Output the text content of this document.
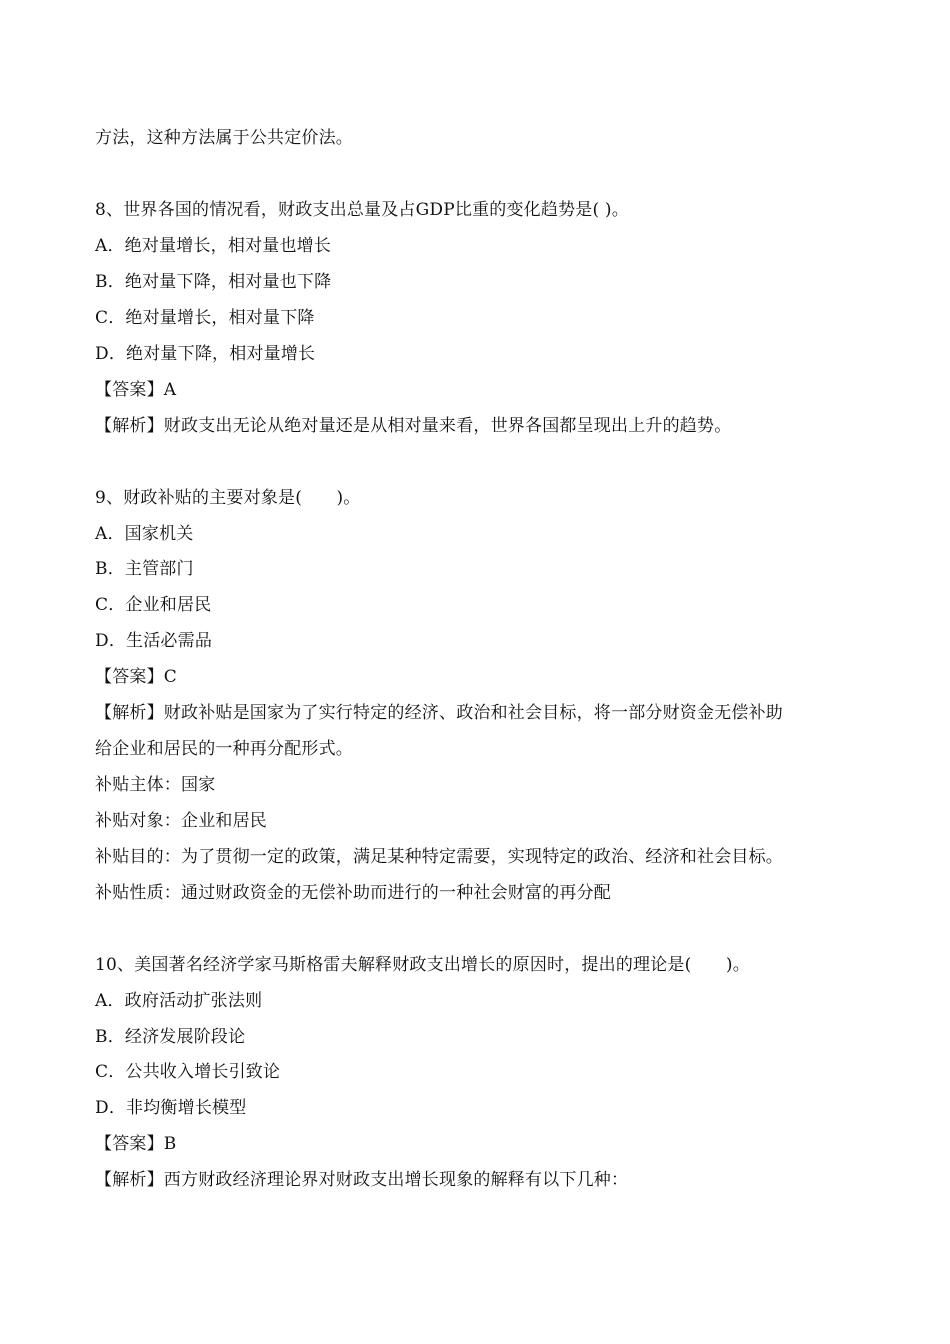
方法，这种方法属于公共定价法。
8、世界各国的情况看，财政支出总量及占GDP比重的变化趋势是( )。
A．绝对量增长，相对量也增长
B．绝对量下降，相对量也下降
C．绝对量增长，相对量下降
D．绝对量下降，相对量增长
【答案】A
【解析】财政支出无论从绝对量还是从相对量来看，世界各国都呈现出上升的趋势。
9、财政补贴的主要对象是(　　)。
A．国家机关
B．主管部门
C．企业和居民
D．生活必需品
【答案】C
【解析】财政补贴是国家为了实行特定的经济、政治和社会目标，将一部分财资金无偿补助
给企业和居民的一种再分配形式。
补贴主体：国家
补贴对象：企业和居民
补贴目的：为了贯彻一定的政策，满足某种特定需要，实现特定的政治、经济和社会目标。
补贴性质：通过财政资金的无偿补助而进行的一种社会财富的再分配
10、美国著名经济学家马斯格雷夫解释财政支出增长的原因时，提出的理论是(　　)。
A．政府活动扩张法则
B．经济发展阶段论
C．公共收入增长引致论
D．非均衡增长模型
【答案】B
【解析】西方财政经济理论界对财政支出增长现象的解释有以下几种：
